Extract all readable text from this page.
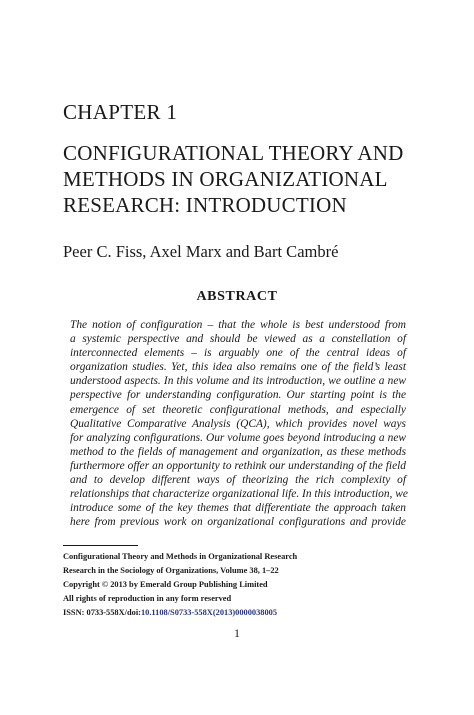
CHAPTER 1
CONFIGURATIONAL THEORY AND
METHODS IN ORGANIZATIONAL
RESEARCH: INTRODUCTION
Peer C. Fiss, Axel Marx and Bart Cambré
ABSTRACT
The notion of configuration – that the whole is best understood from
a systemic perspective and should be viewed as a constellation of
interconnected elements – is arguably one of the central ideas of
organization studies. Yet, this idea also remains one of the field’s least
understood aspects. In this volume and its introduction, we outline a new
perspective for understanding configuration. Our starting point is the
emergence of set theoretic configurational methods, and especially
Qualitative Comparative Analysis (QCA), which provides novel ways
for analyzing configurations. Our volume goes beyond introducing a new
method to the fields of management and organization, as these methods
furthermore offer an opportunity to rethink our understanding of the field
and to develop different ways of theorizing the rich complexity of
relationships that characterize organizational life. In this introduction, we
introduce some of the key themes that differentiate the approach taken
here from previous work on organizational configurations and provide
Configurational Theory and Methods in Organizational Research
Research in the Sociology of Organizations, Volume 38, 1–22
Copyright © 2013 by Emerald Group Publishing Limited
All rights of reproduction in any form reserved
ISSN: 0733-558X/doi:10.1108/S0733-558X(2013)0000038005
1
